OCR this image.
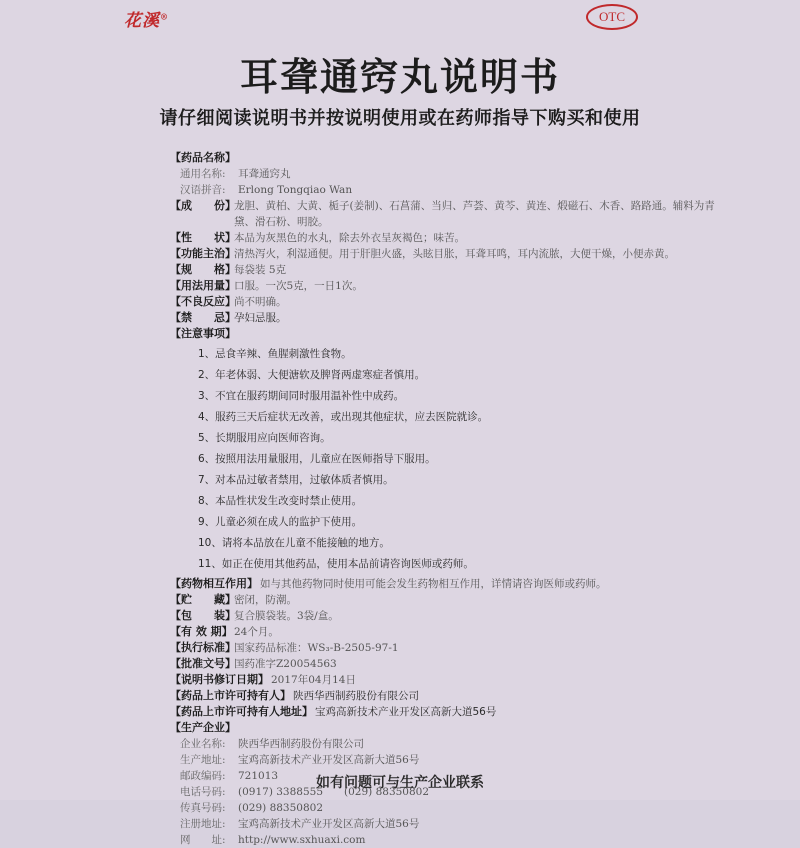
花溪®	OTC
耳聋通窍丸说明书
请仔细阅读说明书并按说明使用或在药师指导下购买和使用
【药品名称】
通用名称:	耳聋通窍丸
汉语拼音:	Erlong Tongqiao Wan
【成　　份】
龙胆、黄柏、大黄、栀子(姜制)、石菖蒲、当归、芦荟、黄芩、黄连、煅磁石、木香、路路通。辅料为青黛、滑石粉、明胶。
【性　　状】
本品为灰黑色的水丸，除去外衣呈灰褐色；味苦。
【功能主治】
清热泻火，利湿通便。用于肝胆火盛，头眩目胀，耳聋耳鸣，耳内流脓，大便干燥，小便赤黄。
【规　　格】
每袋装 5克
【用法用量】
口服。一次5克，一日1次。
【不良反应】
尚不明确。
【禁　　忌】
孕妇忌服。
【注意事项】
1、忌食辛辣、鱼腥刺激性食物。
2、年老体弱、大便溏软及脾肾两虚寒症者慎用。
3、不宜在服药期间同时服用温补性中成药。
4、服药三天后症状无改善，或出现其他症状，应去医院就诊。
5、长期服用应向医师咨询。
6、按照用法用量服用，儿童应在医师指导下服用。
7、对本品过敏者禁用，过敏体质者慎用。
8、本品性状发生改变时禁止使用。
9、儿童必须在成人的监护下使用。
10、请将本品放在儿童不能接触的地方。
11、如正在使用其他药品，使用本品前请咨询医师或药师。
【药物相互作用】 如与其他药物同时使用可能会发生药物相互作用，详情请咨询医师或药师。
【贮　　藏】
密闭，防潮。
【包　　装】
复合膜袋装。3袋/盒。
【有 效 期】 24个月。
【执行标准】
国家药品标准：WS₃-B-2505-97-1
【批准文号】
国药准字Z20054563
【说明书修订日期】 2017年04月14日
【药品上市许可持有人】 陕西华西制药股份有限公司
【药品上市许可持有人地址】 宝鸡高新技术产业开发区高新大道56号
【生产企业】
企业名称:	陕西华西制药股份有限公司
生产地址:	宝鸡高新技术产业开发区高新大道56号
邮政编码:	721013
电话号码:	(0917) 3388555　　(029) 88350802
传真号码:	(029) 88350802
注册地址:	宝鸡高新技术产业开发区高新大道56号
网　　址:	http://www.sxhuaxi.com
如有问题可与生产企业联系
